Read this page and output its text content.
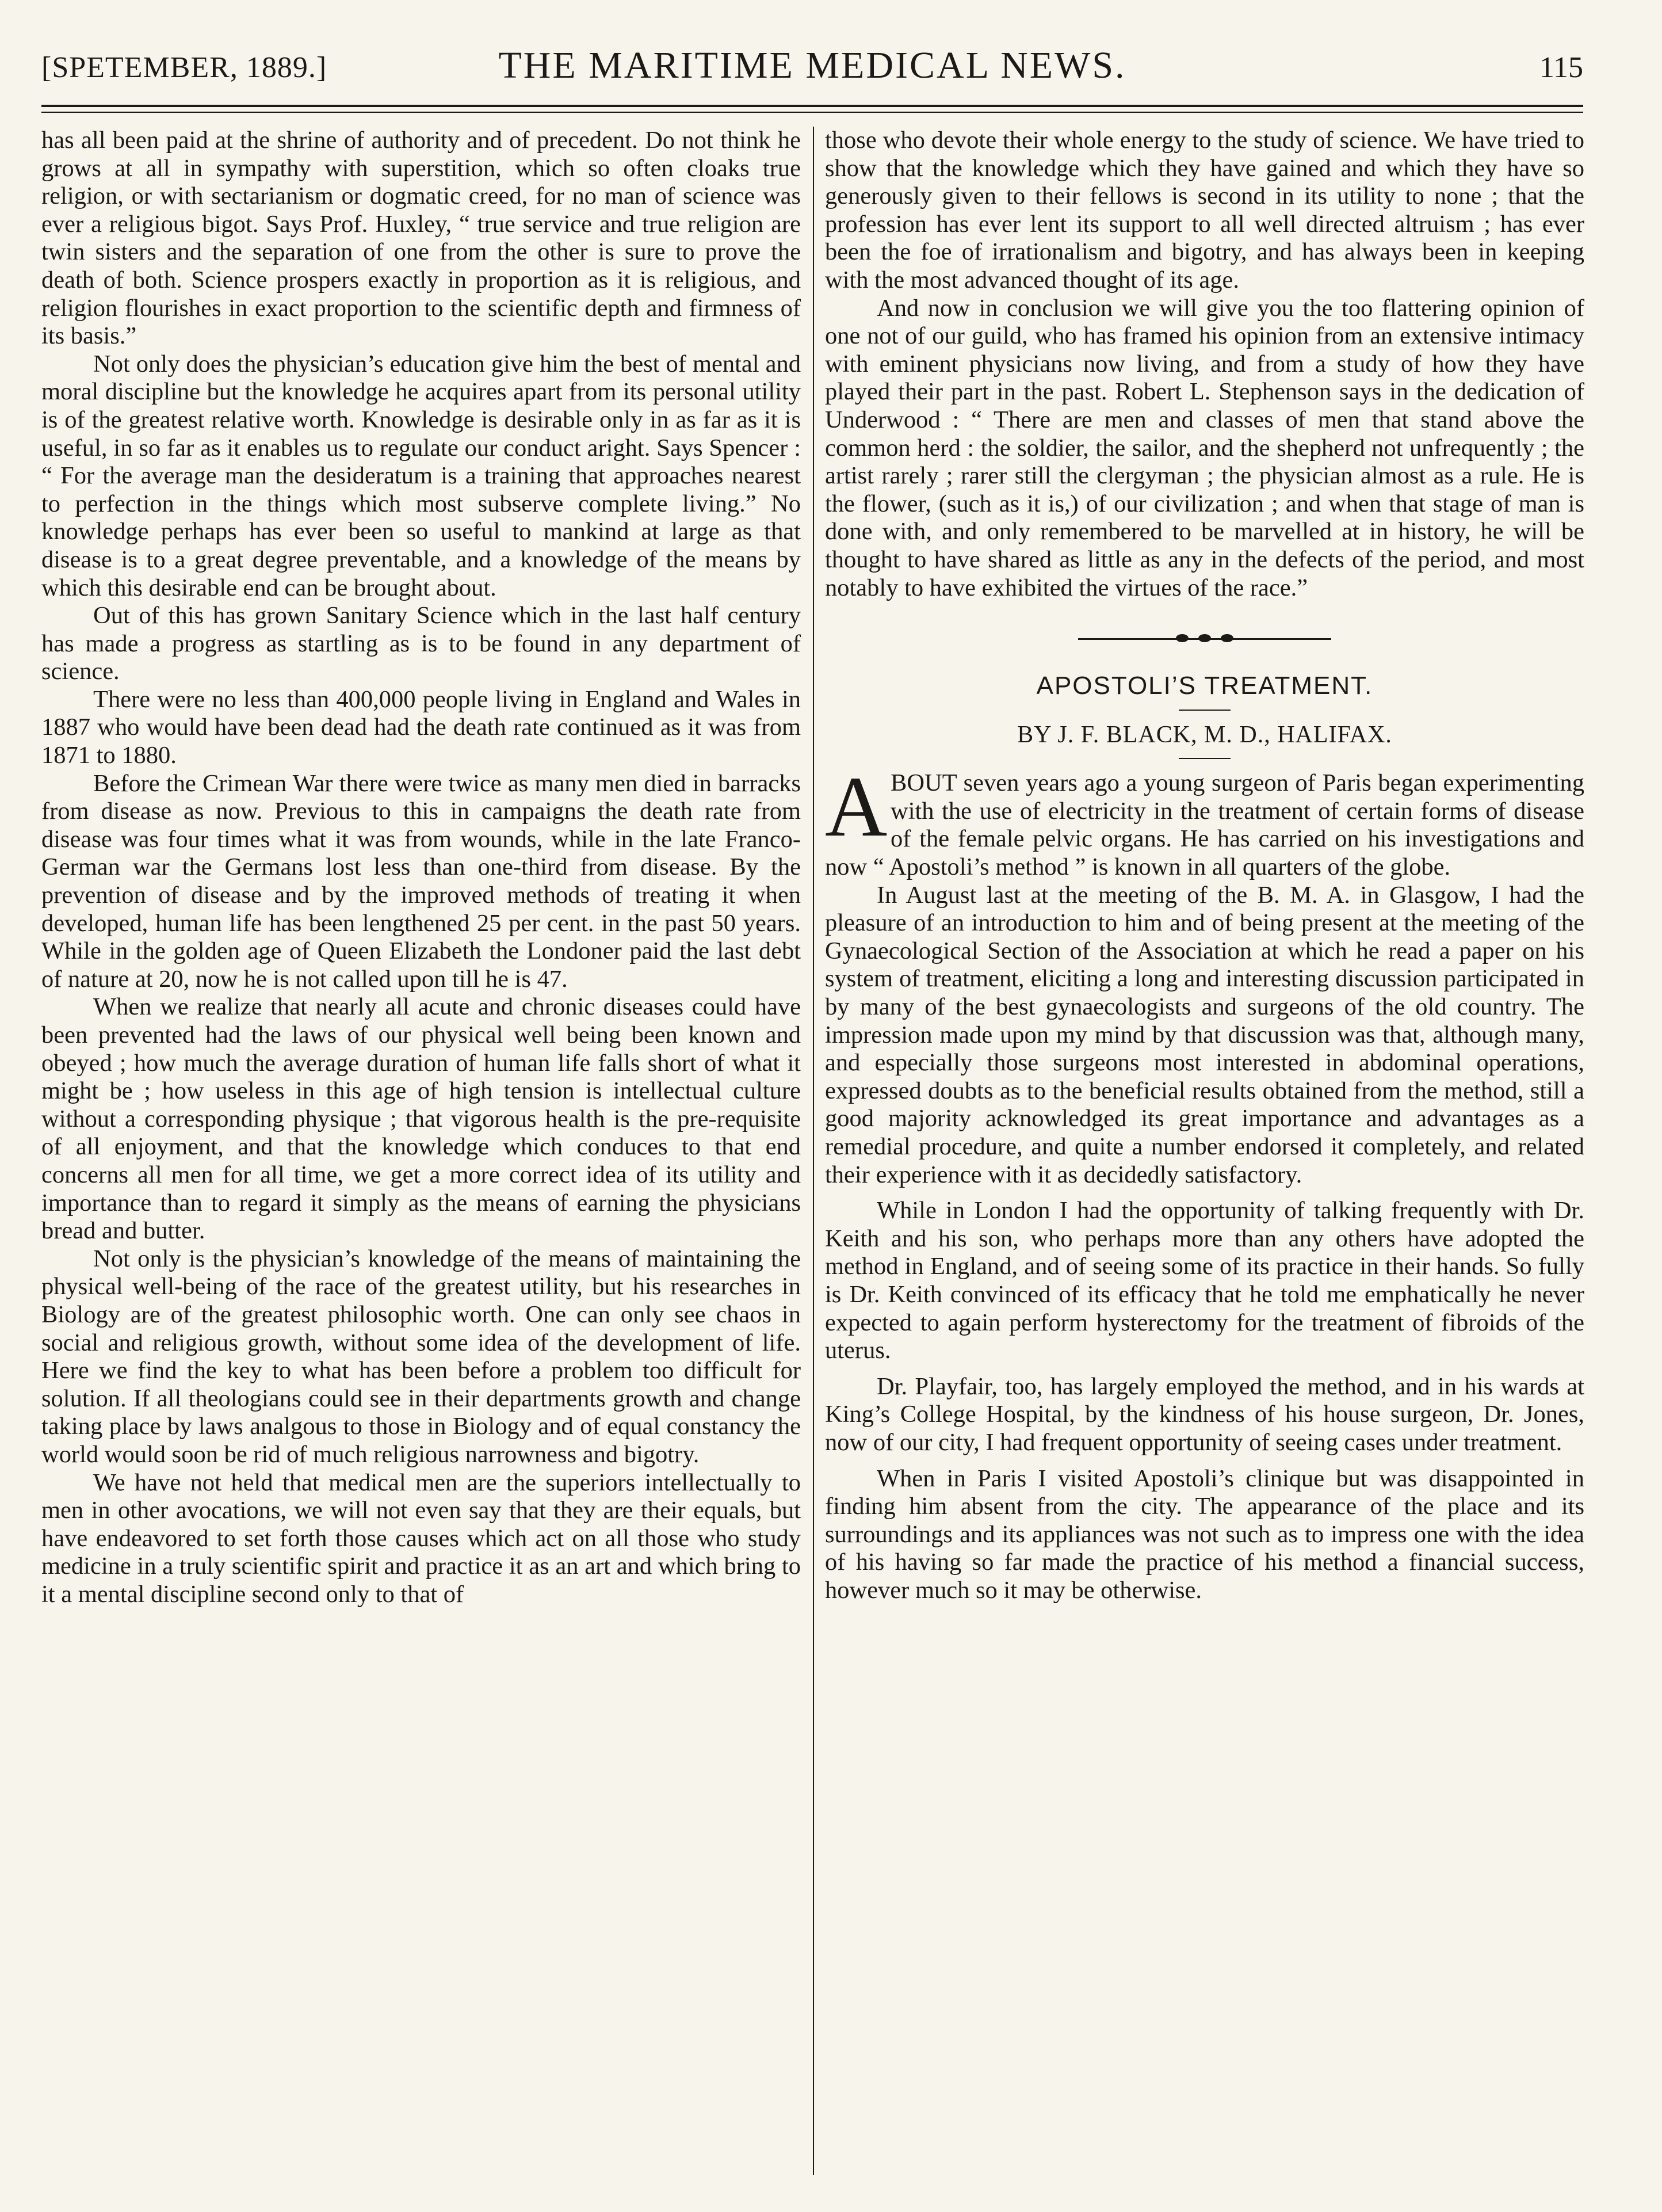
[SPETEMBER, 1889.]	THE MARITIME MEDICAL NEWS.	115

has all been paid at the shrine of authority and of precedent. Do not think he grows at all in sympathy with superstition, which so often cloaks true religion, or with sectarianism or dogmatic creed, for no man of science was ever a religious bigot. Says Prof. Huxley, “ true service and true religion are twin sisters and the separation of one from the other is sure to prove the death of both. Science prospers exactly in proportion as it is religious, and religion flourishes in exact proportion to the scientific depth and firmness of its basis.”

Not only does the physician’s education give him the best of mental and moral discipline but the knowledge he acquires apart from its personal utility is of the greatest relative worth. Knowledge is desirable only in as far as it is useful, in so far as it enables us to regulate our conduct aright. Says Spencer : “ For the average man the desideratum is a training that approaches nearest to perfection in the things which most subserve complete living.” No knowledge perhaps has ever been so useful to mankind at large as that disease is to a great degree preventable, and a knowledge of the means by which this desirable end can be brought about.

Out of this has grown Sanitary Science which in the last half century has made a progress as startling as is to be found in any department of science.

There were no less than 400,000 people living in England and Wales in 1887 who would have been dead had the death rate continued as it was from 1871 to 1880.

Before the Crimean War there were twice as many men died in barracks from disease as now. Previous to this in campaigns the death rate from disease was four times what it was from wounds, while in the late Franco-German war the Germans lost less than one-third from disease. By the prevention of disease and by the improved methods of treating it when developed, human life has been lengthened 25 per cent. in the past 50 years. While in the golden age of Queen Elizabeth the Londoner paid the last debt of nature at 20, now he is not called upon till he is 47.

When we realize that nearly all acute and chronic diseases could have been prevented had the laws of our physical well being been known and obeyed ; how much the average duration of human life falls short of what it might be ; how useless in this age of high tension is intellectual culture without a corresponding physique ; that vigorous health is the pre-requisite of all enjoyment, and that the knowledge which conduces to that end concerns all men for all time, we get a more correct idea of its utility and importance than to regard it simply as the means of earning the physicians bread and butter.

Not only is the physician’s knowledge of the means of maintaining the physical well-being of the race of the greatest utility, but his researches in Biology are of the greatest philosophic worth. One can only see chaos in social and religious growth, without some idea of the development of life. Here we find the key to what has been before a problem too difficult for solution. If all theologians could see in their departments growth and change taking place by laws analgous to those in Biology and of equal constancy the world would soon be rid of much religious narrowness and bigotry.

We have not held that medical men are the superiors intellectually to men in other avocations, we will not even say that they are their equals, but have endeavored to set forth those causes which act on all those who study medicine in a truly scientific spirit and practice it as an art and which bring to it a mental discipline second only to that of

those who devote their whole energy to the study of science. We have tried to show that the knowledge which they have gained and which they have so generously given to their fellows is second in its utility to none ; that the profession has ever lent its support to all well directed altruism ; has ever been the foe of irrationalism and bigotry, and has always been in keeping with the most advanced thought of its age.

And now in conclusion we will give you the too flattering opinion of one not of our guild, who has framed his opinion from an extensive intimacy with eminent physicians now living, and from a study of how they have played their part in the past. Robert L. Stephenson says in the dedication of Underwood : “ There are men and classes of men that stand above the common herd : the soldier, the sailor, and the shepherd not unfrequently ; the artist rarely ; rarer still the clergyman ; the physician almost as a rule. He is the flower, (such as it is,) of our civilization ; and when that stage of man is done with, and only remembered to be marvelled at in history, he will be thought to have shared as little as any in the defects of the period, and most notably to have exhibited the virtues of the race.”

APOSTOLI’S TREATMENT.
BY J. F. BLACK, M. D., HALIFAX.

ABOUT seven years ago a young surgeon of Paris began experimenting with the use of electricity in the treatment of certain forms of disease of the female pelvic organs. He has carried on his investigations and now “ Apostoli’s method ” is known in all quarters of the globe.

In August last at the meeting of the B. M. A. in Glasgow, I had the pleasure of an introduction to him and of being present at the meeting of the Gynaecological Section of the Association at which he read a paper on his system of treatment, eliciting a long and interesting discussion participated in by many of the best gynaecologists and surgeons of the old country. The impression made upon my mind by that discussion was that, although many, and especially those surgeons most interested in abdominal operations, expressed doubts as to the beneficial results obtained from the method, still a good majority acknowledged its great importance and advantages as a remedial procedure, and quite a number endorsed it completely, and related their experience with it as decidedly satisfactory.

While in London I had the opportunity of talking frequently with Dr. Keith and his son, who perhaps more than any others have adopted the method in England, and of seeing some of its practice in their hands. So fully is Dr. Keith convinced of its efficacy that he told me emphatically he never expected to again perform hysterectomy for the treatment of fibroids of the uterus.

Dr. Playfair, too, has largely employed the method, and in his wards at King’s College Hospital, by the kindness of his house surgeon, Dr. Jones, now of our city, I had frequent opportunity of seeing cases under treatment.

When in Paris I visited Apostoli’s clinique but was disappointed in finding him absent from the city. The appearance of the place and its surroundings and its appliances was not such as to impress one with the idea of his having so far made the practice of his method a financial success, however much so it may be otherwise.
